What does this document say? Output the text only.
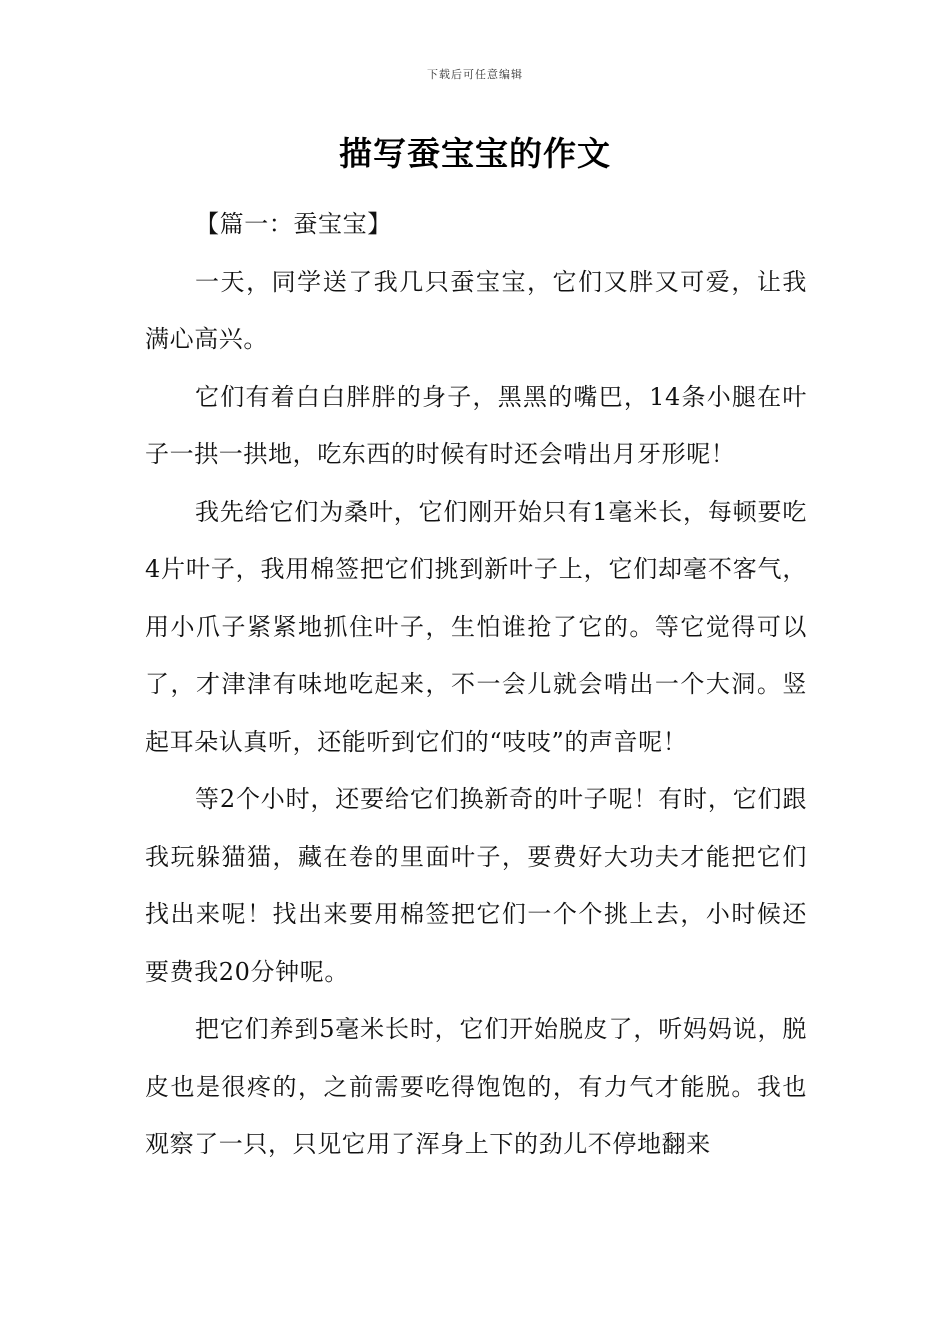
下载后可任意编辑
描写蚕宝宝的作文

【篇一：蚕宝宝】

一天，同学送了我几只蚕宝宝，它们又胖又可爱，让我满心高兴。

它们有着白白胖胖的身子，黑黑的嘴巴，14条小腿在叶子一拱一拱地，吃东西的时候有时还会啃出月牙形呢！

我先给它们为桑叶，它们刚开始只有1毫米长，每顿要吃4片叶子，我用棉签把它们挑到新叶子上，它们却毫不客气，用小爪子紧紧地抓住叶子，生怕谁抢了它的。等它觉得可以了，才津津有味地吃起来，不一会儿就会啃出一个大洞。竖起耳朵认真听，还能听到它们的“吱吱”的声音呢！

等2个小时，还要给它们换新奇的叶子呢！有时，它们跟我玩躲猫猫，藏在卷的里面叶子，要费好大功夫才能把它们找出来呢！找出来要用棉签把它们一个个挑上去，小时候还要费我20分钟呢。

把它们养到5毫米长时，它们开始脱皮了，听妈妈说，脱皮也是很疼的，之前需要吃得饱饱的，有力气才能脱。我也观察了一只，只见它用了浑身上下的劲儿不停地翻来
